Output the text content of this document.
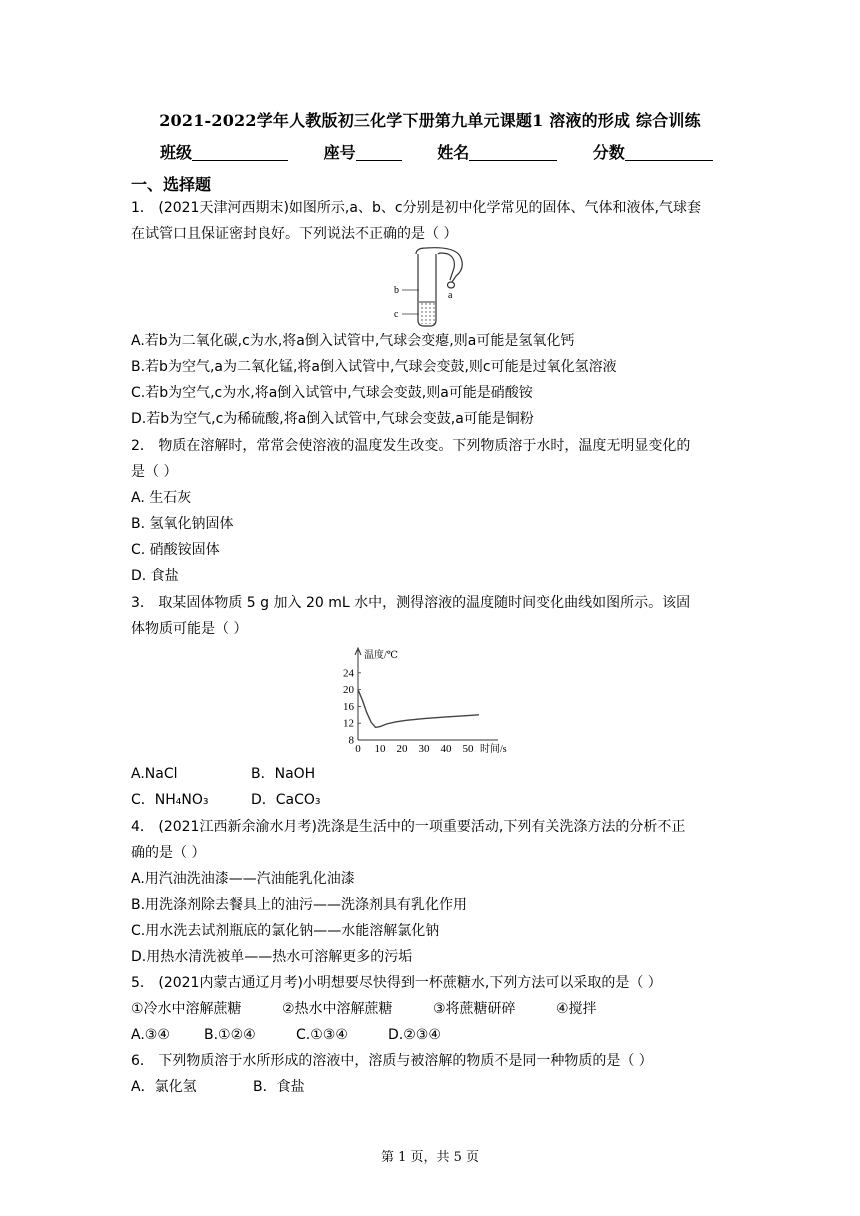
2021-2022学年人教版初三化学下册第九单元课题1 溶液的形成 综合训练
班级	座号	姓名	分数
一、选择题
1． (2021天津河西期末)如图所示,a、b、c分别是初中化学常见的固体、气体和液体,气球套
在试管口且保证密封良好。下列说法不正确的是（ ）
b
c
a
A.若b为二氧化碳,c为水,将a倒入试管中,气球会变瘪,则a可能是氢氧化钙
B.若b为空气,a为二氧化锰,将a倒入试管中,气球会变鼓,则c可能是过氧化氢溶液
C.若b为空气,c为水,将a倒入试管中,气球会变鼓,则a可能是硝酸铵
D.若b为空气,c为稀硫酸,将a倒入试管中,气球会变鼓,a可能是铜粉
2． 物质在溶解时，常常会使溶液的温度发生改变。下列物质溶于水时，温度无明显变化的
是（ ）
A. 生石灰
B. 氢氧化钠固体
C. 硝酸铵固体
D. 食盐
3． 取某固体物质 5 g 加入 20 mL 水中，测得溶液的温度随时间变化曲线如图所示。该固
体物质可能是（ ）
8
12
16
20
24
0 10 20 30 40 50
温度/℃
时间/s
A.NaCl	B．NaOH
C．NH₄NO₃	D．CaCO₃
4． (2021江西新余渝水月考)洗涤是生活中的一项重要活动,下列有关洗涤方法的分析不正
确的是（ ）
A.用汽油洗油漆——汽油能乳化油漆
B.用洗涤剂除去餐具上的油污——洗涤剂具有乳化作用
C.用水洗去试剂瓶底的氯化钠——水能溶解氯化钠
D.用热水清洗被单——热水可溶解更多的污垢
5． (2021内蒙古通辽月考)小明想要尽快得到一杯蔗糖水,下列方法可以采取的是（ ）
①冷水中溶解蔗糖	②热水中溶解蔗糖	③将蔗糖研碎	④搅拌
A.③④ B.①②④	C.①③④	D.②③④
6． 下列物质溶于水所形成的溶液中，溶质与被溶解的物质不是同一种物质的是（ ）
A．氯化氢	B．食盐
第 1 页，共 5 页
